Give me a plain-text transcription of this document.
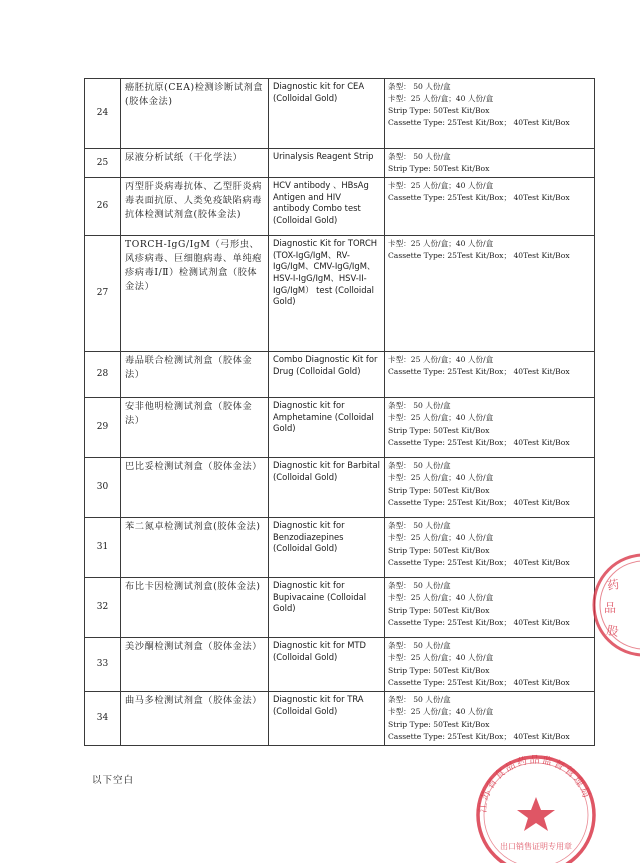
24	癌胚抗原(CEA)检测诊断试剂盒(胶体金法)	Diagnostic kit for CEA (Colloidal Gold)	条型： 50 人份/盒
卡型：25 人份/盒；40 人份/盒
Strip Type: 50Test Kit/Box
Cassette Type: 25Test Kit/Box； 40Test Kit/Box

25	尿液分析试纸（干化学法）	Urinalysis Reagent Strip	条型： 50 人份/盒
Strip Type: 50Test Kit/Box

26	丙型肝炎病毒抗体、乙型肝炎病毒表面抗原、人类免疫缺陷病毒抗体检测试剂盒(胶体金法)	HCV antibody 、HBsAg Antigen and HIV antibody Combo test (Colloidal Gold)	卡型：25 人份/盒；40 人份/盒
Cassette Type: 25Test Kit/Box； 40Test Kit/Box

27	TORCH-IgG/IgM（弓形虫、风疹病毒、巨细胞病毒、单纯疱疹病毒Ⅰ/Ⅱ）检测试剂盒（胶体金法）	Diagnostic Kit for TORCH (TOX-IgG/IgM、RV-IgG/IgM、CMV-IgG/IgM、HSV-I-IgG/IgM、HSV-II-IgG/IgM） test (Colloidal Gold)	卡型：25 人份/盒；40 人份/盒
Cassette Type: 25Test Kit/Box； 40Test Kit/Box

28	毒品联合检测试剂盒（胶体金法）	Combo Diagnostic Kit for Drug (Colloidal Gold)	卡型：25 人份/盒；40 人份/盒
Cassette Type: 25Test Kit/Box； 40Test Kit/Box

29	安非他明检测试剂盒（胶体金法）	Diagnostic kit for Amphetamine (Colloidal Gold)	条型： 50 人份/盒
卡型：25 人份/盒；40 人份/盒
Strip Type: 50Test Kit/Box
Cassette Type: 25Test Kit/Box； 40Test Kit/Box

30	巴比妥检测试剂盒（胶体金法）	Diagnostic kit for Barbital (Colloidal Gold)	条型： 50 人份/盒
卡型：25 人份/盒；40 人份/盒
Strip Type: 50Test Kit/Box
Cassette Type: 25Test Kit/Box； 40Test Kit/Box

31	苯二氮卓检测试剂盒(胶体金法)	Diagnostic kit for Benzodiazepines (Colloidal Gold)	条型： 50 人份/盒
卡型：25 人份/盒；40 人份/盒
Strip Type: 50Test Kit/Box
Cassette Type: 25Test Kit/Box； 40Test Kit/Box

32	布比卡因检测试剂盒(胶体金法)	Diagnostic kit for Bupivacaine (Colloidal Gold)	条型： 50 人份/盒
卡型：25 人份/盒；40 人份/盒
Strip Type: 50Test Kit/Box
Cassette Type: 25Test Kit/Box； 40Test Kit/Box

33	美沙酮检测试剂盒（胶体金法）	Diagnostic kit for MTD (Colloidal Gold)	条型： 50 人份/盒
卡型：25 人份/盒；40 人份/盒
Strip Type: 50Test Kit/Box
Cassette Type: 25Test Kit/Box； 40Test Kit/Box

34	曲马多检测试剂盒（胶体金法）	Diagnostic kit for TRA (Colloidal Gold)	条型： 50 人份/盒
卡型：25 人份/盒；40 人份/盒
Strip Type: 50Test Kit/Box
Cassette Type: 25Test Kit/Box； 40Test Kit/Box
以下空白
药
品
股
江苏省食品药品监督管理局
出口销售证明专用章
